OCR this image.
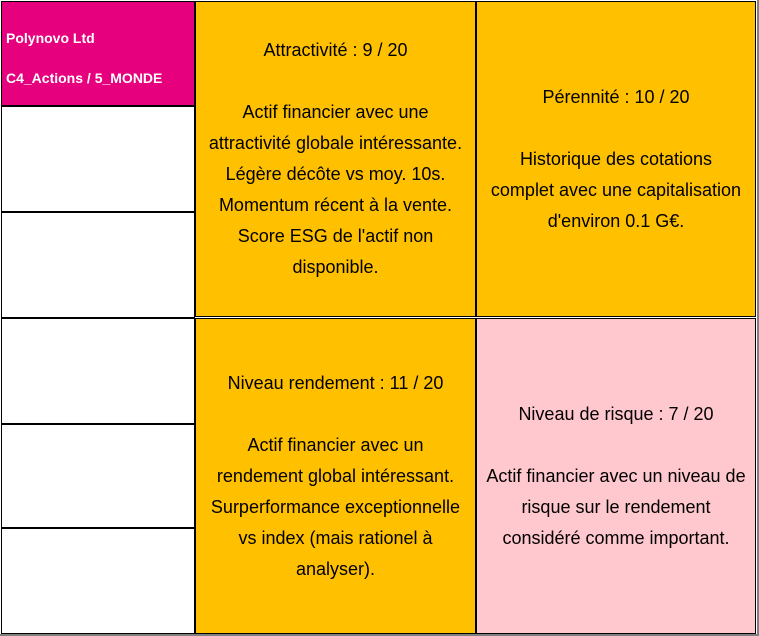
Polynovo Ltd

C4_Actions / 5_MONDE

Attractivité : 9 / 20
Actif financier avec une
attractivité globale intéressante.
Légère décôte vs moy. 10s.
Momentum récent à la vente.
Score ESG de l'actif non
disponible.
Pérennité : 10 / 20
Historique des cotations
complet avec une capitalisation
d'environ 0.1 G€.
Niveau rendement : 11 / 20
Actif financier avec un
rendement global intéressant.
Surperformance exceptionnelle
vs index (mais rationel à
analyser).
Niveau de risque : 7 / 20
Actif financier avec un niveau de
risque sur le rendement
considéré comme important.
